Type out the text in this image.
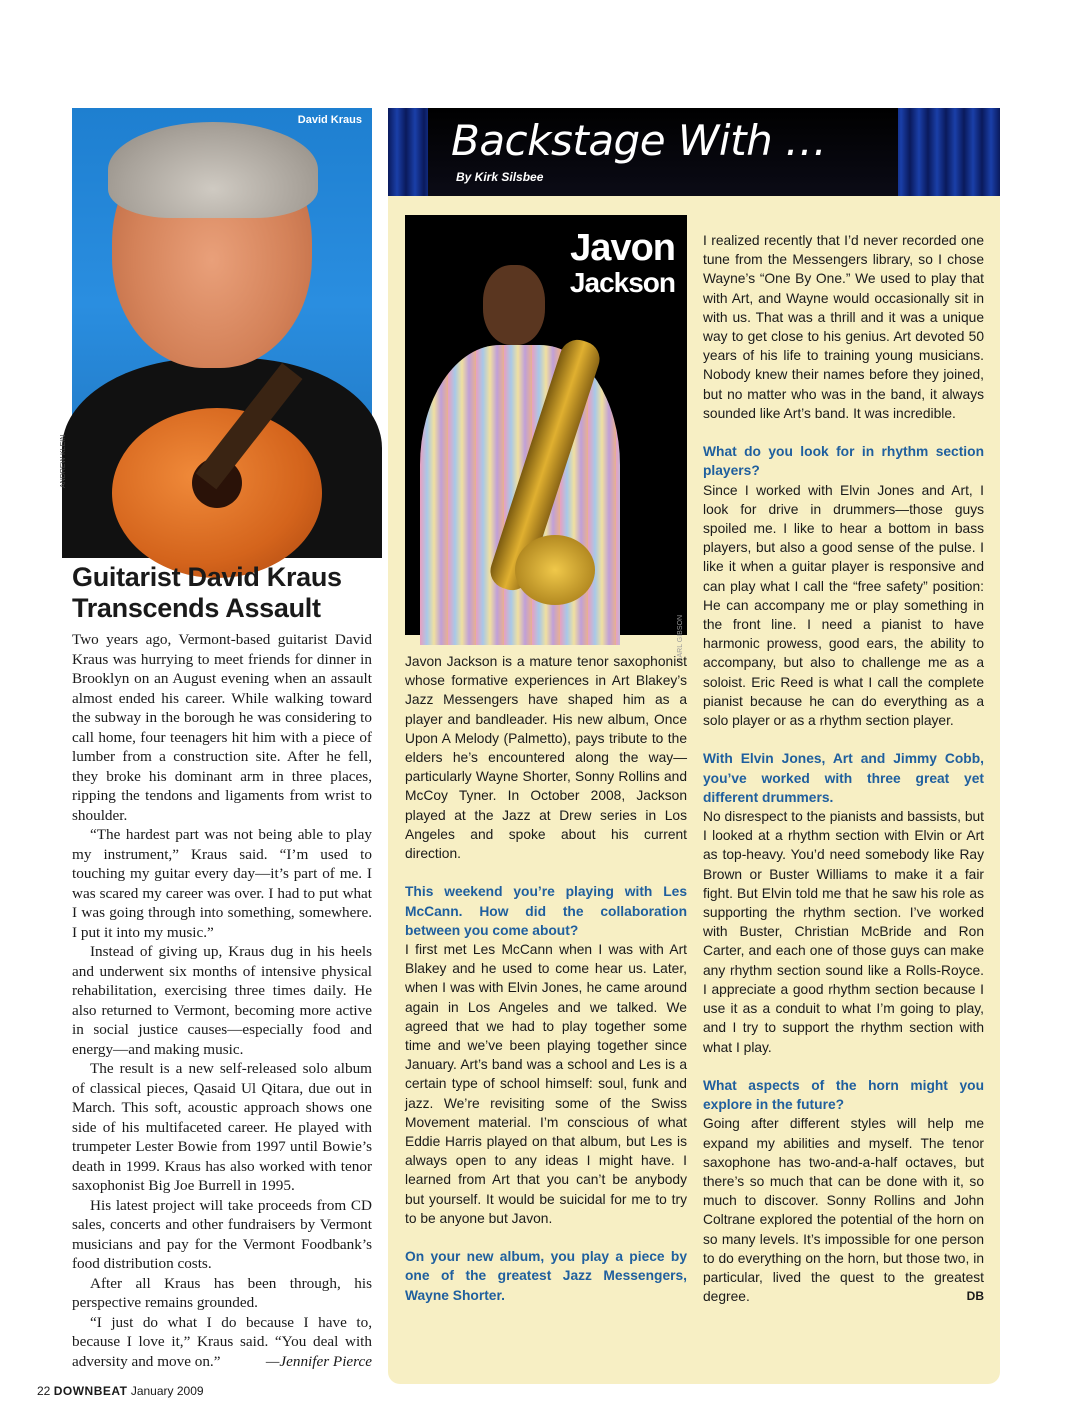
David Kraus
ANDREW KLEIN
Guitarist David Kraus Transcends Assault

Two years ago, Vermont-based guitarist David Kraus was hurrying to meet friends for dinner in Brooklyn on an August evening when an assault almost ended his career. While walking toward the subway in the borough he was considering to call home, four teenagers hit him with a piece of lumber from a construction site. After he fell, they broke his dominant arm in three places, ripping the tendons and ligaments from wrist to shoulder.

“The hardest part was not being able to play my instrument,” Kraus said. “I’m used to touching my guitar every day—it’s part of me. I was scared my career was over. I had to put what I was going through into something, somewhere. I put it into my music.”

Instead of giving up, Kraus dug in his heels and underwent six months of intensive physical rehabilitation, exercising three times daily. He also returned to Vermont, becoming more active in social justice causes—especially food and energy—and making music.

The result is a new self-released solo album of classical pieces, Qasaid Ul Qitara, due out in March. This soft, acoustic approach shows one side of his multifaceted career. He played with trumpeter Lester Bowie from 1997 until Bowie’s death in 1999. Kraus has also worked with tenor saxophonist Big Joe Burrell in 1995.

His latest project will take proceeds from CD sales, concerts and other fundraisers by Vermont musicians and pay for the Vermont Foodbank’s food distribution costs.

After all Kraus has been through, his perspective remains grounded.

“I just do what I do because I have to, because I love it,” Kraus said. “You deal with adversity and move on.”	—Jennifer Pierce

Backstage With …
By Kirk Silsbee
Javon
Jackson
EARL GIBSON

Javon Jackson is a mature tenor saxophonist whose formative experiences in Art Blakey’s Jazz Messengers have shaped him as a player and bandleader. His new album, Once Upon A Melody (Palmetto), pays tribute to the elders he’s encountered along the way—particularly Wayne Shorter, Sonny Rollins and McCoy Tyner. In October 2008, Jackson played at the Jazz at Drew series in Los Angeles and spoke about his current direction.

This weekend you’re playing with Les McCann. How did the collaboration between you come about?

I first met Les McCann when I was with Art Blakey and he used to come hear us. Later, when I was with Elvin Jones, he came around again in Los Angeles and we talked. We agreed that we had to play together some time and we’ve been playing together since January. Art’s band was a school and Les is a certain type of school himself: soul, funk and jazz. We’re revisiting some of the Swiss Movement material. I’m conscious of what Eddie Harris played on that album, but Les is always open to any ideas I might have. I learned from Art that you can’t be anybody but yourself. It would be suicidal for me to try to be anyone but Javon.

On your new album, you play a piece by one of the greatest Jazz Messengers, Wayne Shorter.

I realized recently that I’d never recorded one tune from the Messengers library, so I chose Wayne’s “One By One.” We used to play that with Art, and Wayne would occasionally sit in with us. That was a thrill and it was a unique way to get close to his genius. Art devoted 50 years of his life to training young musicians. Nobody knew their names before they joined, but no matter who was in the band, it always sounded like Art’s band. It was incredible.

What do you look for in rhythm section players?

Since I worked with Elvin Jones and Art, I look for drive in drummers—those guys spoiled me. I like to hear a bottom in bass players, but also a good sense of the pulse. I like it when a guitar player is responsive and can play what I call the “free safety” position: He can accompany me or play something in the front line. I need a pianist to have harmonic prowess, good ears, the ability to accompany, but also to challenge me as a soloist. Eric Reed is what I call the complete pianist because he can do everything as a solo player or as a rhythm section player.

With Elvin Jones, Art and Jimmy Cobb, you’ve worked with three great yet different drummers.

No disrespect to the pianists and bassists, but I looked at a rhythm section with Elvin or Art as top-heavy. You’d need somebody like Ray Brown or Buster Williams to make it a fair fight. But Elvin told me that he saw his role as supporting the rhythm section. I’ve worked with Buster, Christian McBride and Ron Carter, and each one of those guys can make any rhythm section sound like a Rolls-Royce. I appreciate a good rhythm section because I use it as a conduit to what I’m going to play, and I try to support the rhythm section with what I play.

What aspects of the horn might you explore in the future?

Going after different styles will help me expand my abilities and myself. The tenor saxophone has two-and-a-half octaves, but there’s so much that can be done with it, so much to discover. Sonny Rollins and John Coltrane explored the potential of the horn on so many levels. It’s impossible for one person to do everything on the horn, but those two, in particular, lived the quest to the greatest degree.	DB

22 DOWNBEAT January 2009
